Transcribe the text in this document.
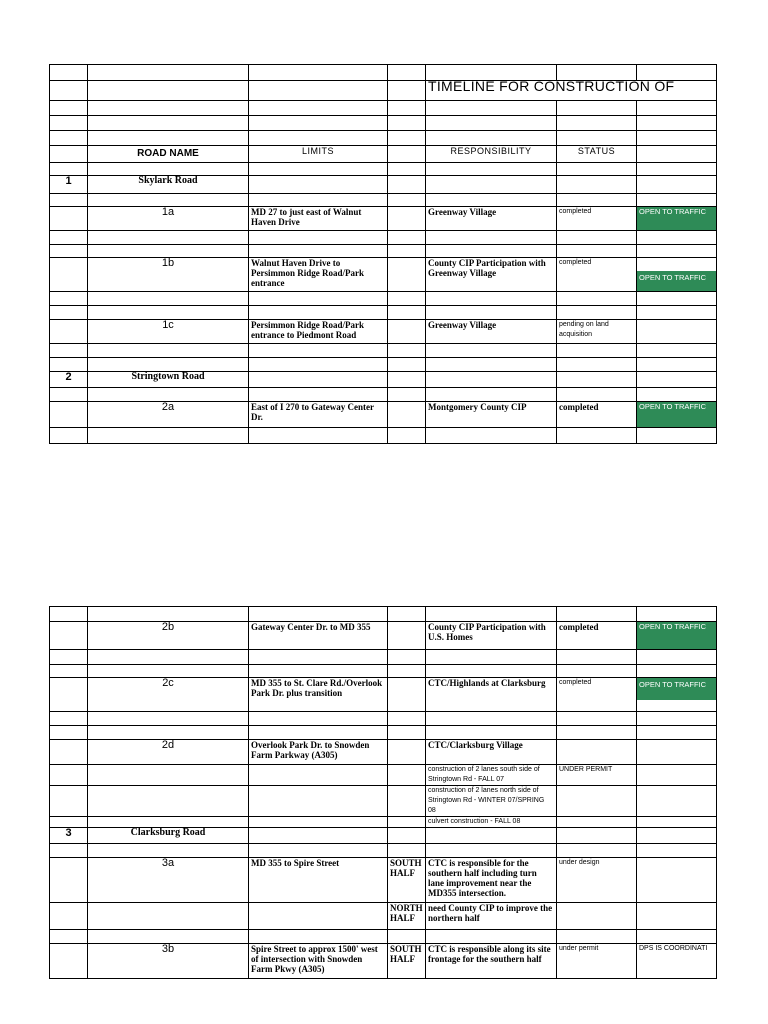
				TIMELINE FOR CONSTRUCTION OF		

	ROAD NAME	LIMITS		RESPONSIBILITY	STATUS	

1	Skylark Road					

	1a	MD 27 to just east of Walnut Haven Drive		Greenway Village	completed	OPEN TO TRAFFIC

	1b	Walnut Haven Drive to Persimmon Ridge Road/Park entrance		County CIP Participation with Greenway Village	completed	OPEN TO TRAFFIC

	1c	Persimmon Ridge Road/Park entrance to Piedmont Road		Greenway Village	pending on land acquisition	

2	Stringtown Road					

	2a	East of I 270 to Gateway Center Dr.		Montgomery County CIP	completed	OPEN TO TRAFFIC

	2b	Gateway Center Dr. to MD 355		County CIP Participation with U.S. Homes	completed	OPEN TO TRAFFIC

	2c	MD 355 to St. Clare Rd./Overlook Park Dr. plus transition		CTC/Highlands at Clarksburg	completed	OPEN TO TRAFFIC

	2d	Overlook Park Dr. to Snowden Farm Parkway (A305)		CTC/Clarksburg Village		
				construction of 2 lanes south side of Stringtown Rd - FALL 07	UNDER PERMIT	
				construction of 2 lanes north side of Stringtown Rd - WINTER 07/SPRING 08		
				culvert construction - FALL 08		
3	Clarksburg Road					

	3a	MD 355 to Spire Street	SOUTH HALF	CTC is responsible for the southern half including turn lane improvement near the MD355 intersection.	under design	
			NORTH HALF	need County CIP to improve the northern half		

	3b	Spire Street to approx 1500' west of intersection with Snowden Farm Pkwy (A305)	SOUTH HALF	CTC is responsible along its site frontage for the southern half	under permit	DPS IS COORDINATI
